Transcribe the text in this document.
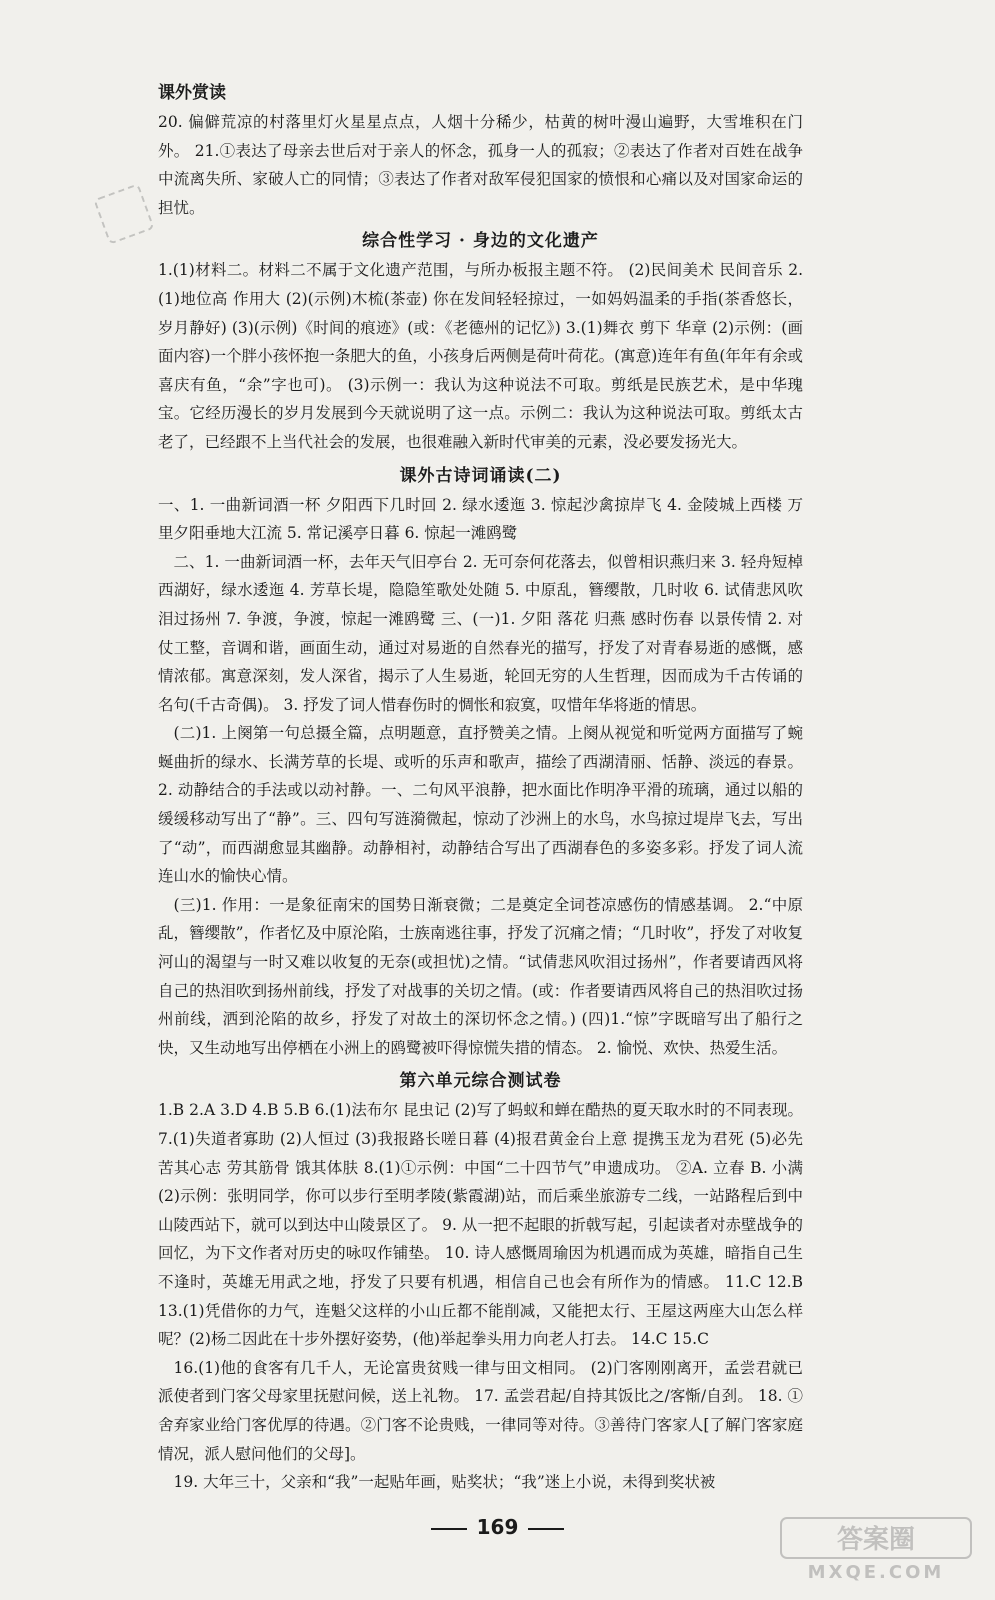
课外赏读

20. 偏僻荒凉的村落里灯火星星点点，人烟十分稀少，枯黄的树叶漫山遍野，大雪堆积在门外。 21.①表达了母亲去世后对于亲人的怀念，孤身一人的孤寂；②表达了作者对百姓在战争中流离失所、家破人亡的同情；③表达了作者对敌军侵犯国家的愤恨和心痛以及对国家命运的担忧。

综合性学习 · 身边的文化遗产

1.(1)材料二。材料二不属于文化遗产范围，与所办板报主题不符。 (2)民间美术 民间音乐 2.(1)地位高 作用大 (2)(示例)木梳(茶壶) 你在发间轻轻掠过，一如妈妈温柔的手指(茶香悠长，岁月静好) (3)(示例)《时间的痕迹》(或：《老德州的记忆》) 3.(1)舞衣 剪下 华章 (2)示例：(画面内容)一个胖小孩怀抱一条肥大的鱼，小孩身后两侧是荷叶荷花。(寓意)连年有鱼(年年有余或喜庆有鱼，“余”字也可)。 (3)示例一：我认为这种说法不可取。剪纸是民族艺术，是中华瑰宝。它经历漫长的岁月发展到今天就说明了这一点。示例二：我认为这种说法可取。剪纸太古老了，已经跟不上当代社会的发展，也很难融入新时代审美的元素，没必要发扬光大。

课外古诗词诵读(二)

一、1. 一曲新词酒一杯 夕阳西下几时回 2. 绿水逶迤 3. 惊起沙禽掠岸飞 4. 金陵城上西楼 万里夕阳垂地大江流 5. 常记溪亭日暮 6. 惊起一滩鸥鹭

二、1. 一曲新词酒一杯，去年天气旧亭台 2. 无可奈何花落去，似曾相识燕归来 3. 轻舟短棹西湖好，绿水逶迤 4. 芳草长堤，隐隐笙歌处处随 5. 中原乱，簪缨散，几时收 6. 试倩悲风吹泪过扬州 7. 争渡，争渡，惊起一滩鸥鹭 三、(一)1. 夕阳 落花 归燕 感时伤春 以景传情 2. 对仗工整，音调和谐，画面生动，通过对易逝的自然春光的描写，抒发了对青春易逝的感慨，感情浓郁。寓意深刻，发人深省，揭示了人生易逝，轮回无穷的人生哲理，因而成为千古传诵的名句(千古奇偶)。 3. 抒发了词人惜春伤时的惆怅和寂寞，叹惜年华将逝的情思。

(二)1. 上阕第一句总摄全篇，点明题意，直抒赞美之情。上阕从视觉和听觉两方面描写了蜿蜒曲折的绿水、长满芳草的长堤、或听的乐声和歌声，描绘了西湖清丽、恬静、淡远的春景。 2. 动静结合的手法或以动衬静。一、二句风平浪静，把水面比作明净平滑的琉璃，通过以船的缓缓移动写出了“静”。三、四句写涟漪微起，惊动了沙洲上的水鸟，水鸟掠过堤岸飞去，写出了“动”，而西湖愈显其幽静。动静相衬，动静结合写出了西湖春色的多姿多彩。抒发了词人流连山水的愉快心情。

(三)1. 作用：一是象征南宋的国势日渐衰微；二是奠定全词苍凉感伤的情感基调。 2.“中原乱，簪缨散”，作者忆及中原沦陷，士族南逃往事，抒发了沉痛之情；“几时收”，抒发了对收复河山的渴望与一时又难以收复的无奈(或担忧)之情。“试倩悲风吹泪过扬州”，作者要请西风将自己的热泪吹到扬州前线，抒发了对战事的关切之情。(或：作者要请西风将自己的热泪吹过扬州前线，洒到沦陷的故乡，抒发了对故土的深切怀念之情。) (四)1.“惊”字既暗写出了船行之快，又生动地写出停栖在小洲上的鸥鹭被吓得惊慌失措的情态。 2. 愉悦、欢快、热爱生活。

第六单元综合测试卷

1.B 2.A 3.D 4.B 5.B 6.(1)法布尔 昆虫记 (2)写了蚂蚁和蝉在酷热的夏天取水时的不同表现。 7.(1)失道者寡助 (2)人恒过 (3)我报路长嗟日暮 (4)报君黄金台上意 提携玉龙为君死 (5)必先苦其心志 劳其筋骨 饿其体肤 8.(1)①示例：中国“二十四节气”申遗成功。 ②A. 立春 B. 小满 (2)示例：张明同学，你可以步行至明孝陵(紫霞湖)站，而后乘坐旅游专二线，一站路程后到中山陵西站下，就可以到达中山陵景区了。 9. 从一把不起眼的折戟写起，引起读者对赤壁战争的回忆，为下文作者对历史的咏叹作铺垫。 10. 诗人感慨周瑜因为机遇而成为英雄，暗指自己生不逢时，英雄无用武之地，抒发了只要有机遇，相信自己也会有所作为的情感。 11.C 12.B 13.(1)凭借你的力气，连魁父这样的小山丘都不能削减，又能把太行、王屋这两座大山怎么样呢？(2)杨二因此在十步外摆好姿势，(他)举起拳头用力向老人打去。 14.C 15.C

16.(1)他的食客有几千人，无论富贵贫贱一律与田文相同。 (2)门客刚刚离开，孟尝君就已派使者到门客父母家里抚慰问候，送上礼物。 17. 孟尝君起/自持其饭比之/客惭/自刭。 18. ①舍弃家业给门客优厚的待遇。②门客不论贵贱，一律同等对待。③善待门客家人[了解门客家庭情况，派人慰问他们的父母]。

19. 大年三十，父亲和“我”一起贴年画，贴奖状；“我”迷上小说，未得到奖状被

169	答案圈
MXQE.COM
